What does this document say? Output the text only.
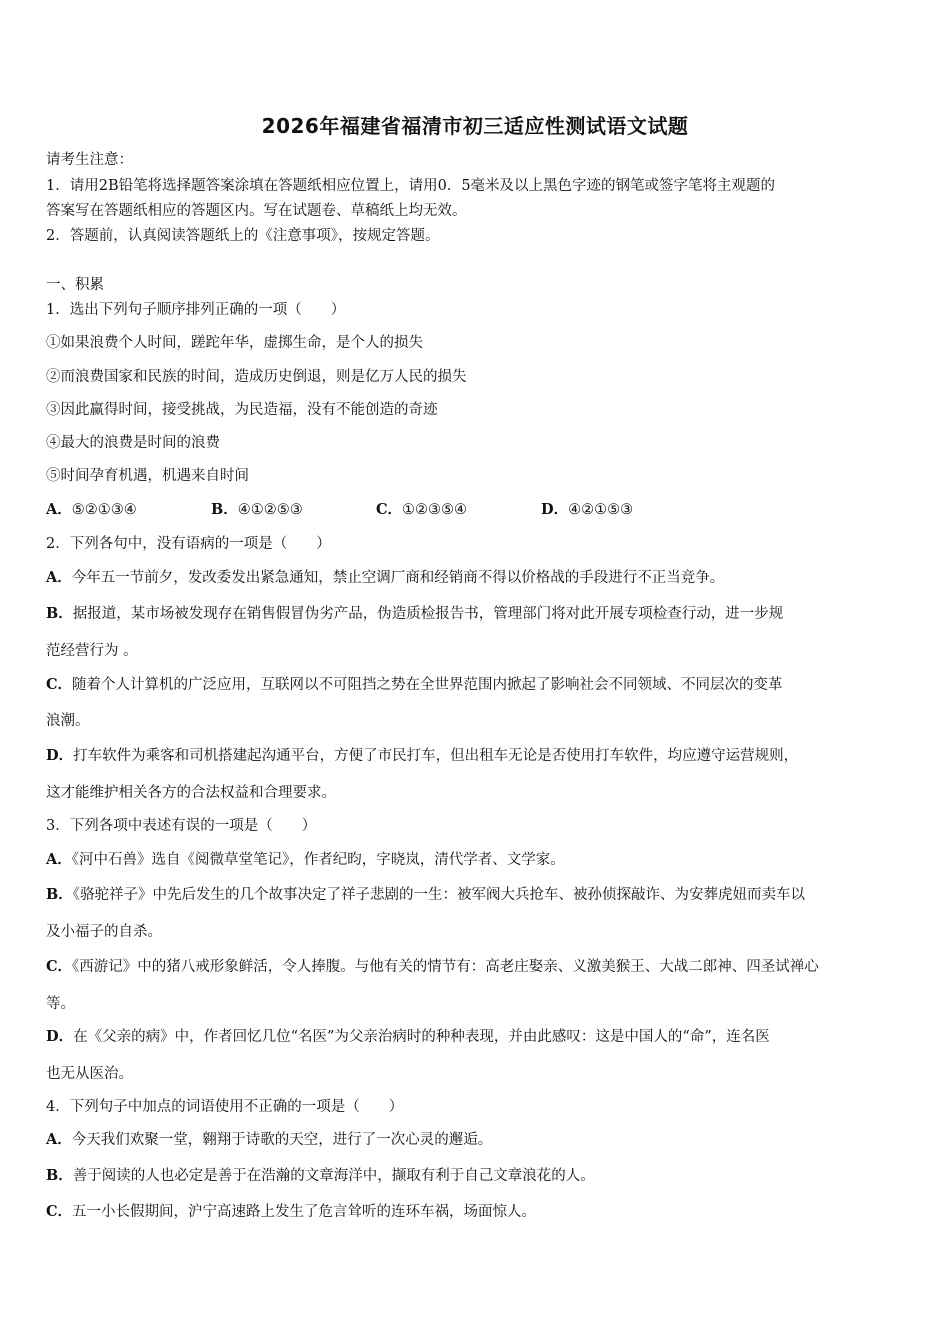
2026年福建省福清市初三适应性测试语文试题
请考生注意：
1．请用2B铅笔将选择题答案涂填在答题纸相应位置上，请用0．5毫米及以上黑色字迹的钢笔或签字笔将主观题的
答案写在答题纸相应的答题区内。写在试题卷、草稿纸上均无效。
2．答题前，认真阅读答题纸上的《注意事项》，按规定答题。
一、积累
1．选出下列句子顺序排列正确的一项（　　）
①如果浪费个人时间，蹉跎年华，虚掷生命，是个人的损失
②而浪费国家和民族的时间，造成历史倒退，则是亿万人民的损失
③因此赢得时间，接受挑战，为民造福，没有不能创造的奇迹
④最大的浪费是时间的浪费
⑤时间孕育机遇，机遇来自时间
A．⑤②①③④	B．④①②⑤③	C．①②③⑤④	D．④②①⑤③
2．下列各句中，没有语病的一项是（　　）
A．今年五一节前夕，发改委发出紧急通知，禁止空调厂商和经销商不得以价格战的手段进行不正当竞争。
B．据报道，某市场被发现存在销售假冒伪劣产品，伪造质检报告书，管理部门将对此开展专项检查行动，进一步规
范经营行为 。
C．随着个人计算机的广泛应用，互联网以不可阻挡之势在全世界范围内掀起了影响社会不同领域、不同层次的变革
浪潮。
D．打车软件为乘客和司机搭建起沟通平台，方便了市民打车，但出租车无论是否使用打车软件，均应遵守运营规则，
这才能维护相关各方的合法权益和合理要求。
3．下列各项中表述有误的一项是（　　）
A．《河中石兽》选自《阅微草堂笔记》，作者纪昀，字晓岚，清代学者、文学家。
B．《骆驼祥子》中先后发生的几个故事决定了祥子悲剧的一生：被军阀大兵抢车、被孙侦探敲诈、为安葬虎妞而卖车以
及小福子的自杀。
C．《西游记》中的猪八戒形象鲜活，令人捧腹。与他有关的情节有：高老庄娶亲、义激美猴王、大战二郎神、四圣试禅心
等。
D．在《父亲的病》中，作者回忆几位“名医”为父亲治病时的种种表现，并由此感叹：这是中国人的“命”，连名医
也无从医治。
4．下列句子中加点的词语使用不正确的一项是（　　）
A．今天我们欢聚一堂，翱翔于诗歌的天空，进行了一次心灵的邂逅。
B．善于阅读的人也必定是善于在浩瀚的文章海洋中，撷取有利于自己文章浪花的人。
C．五一小长假期间，沪宁高速路上发生了危言耸听的连环车祸，场面惊人。
